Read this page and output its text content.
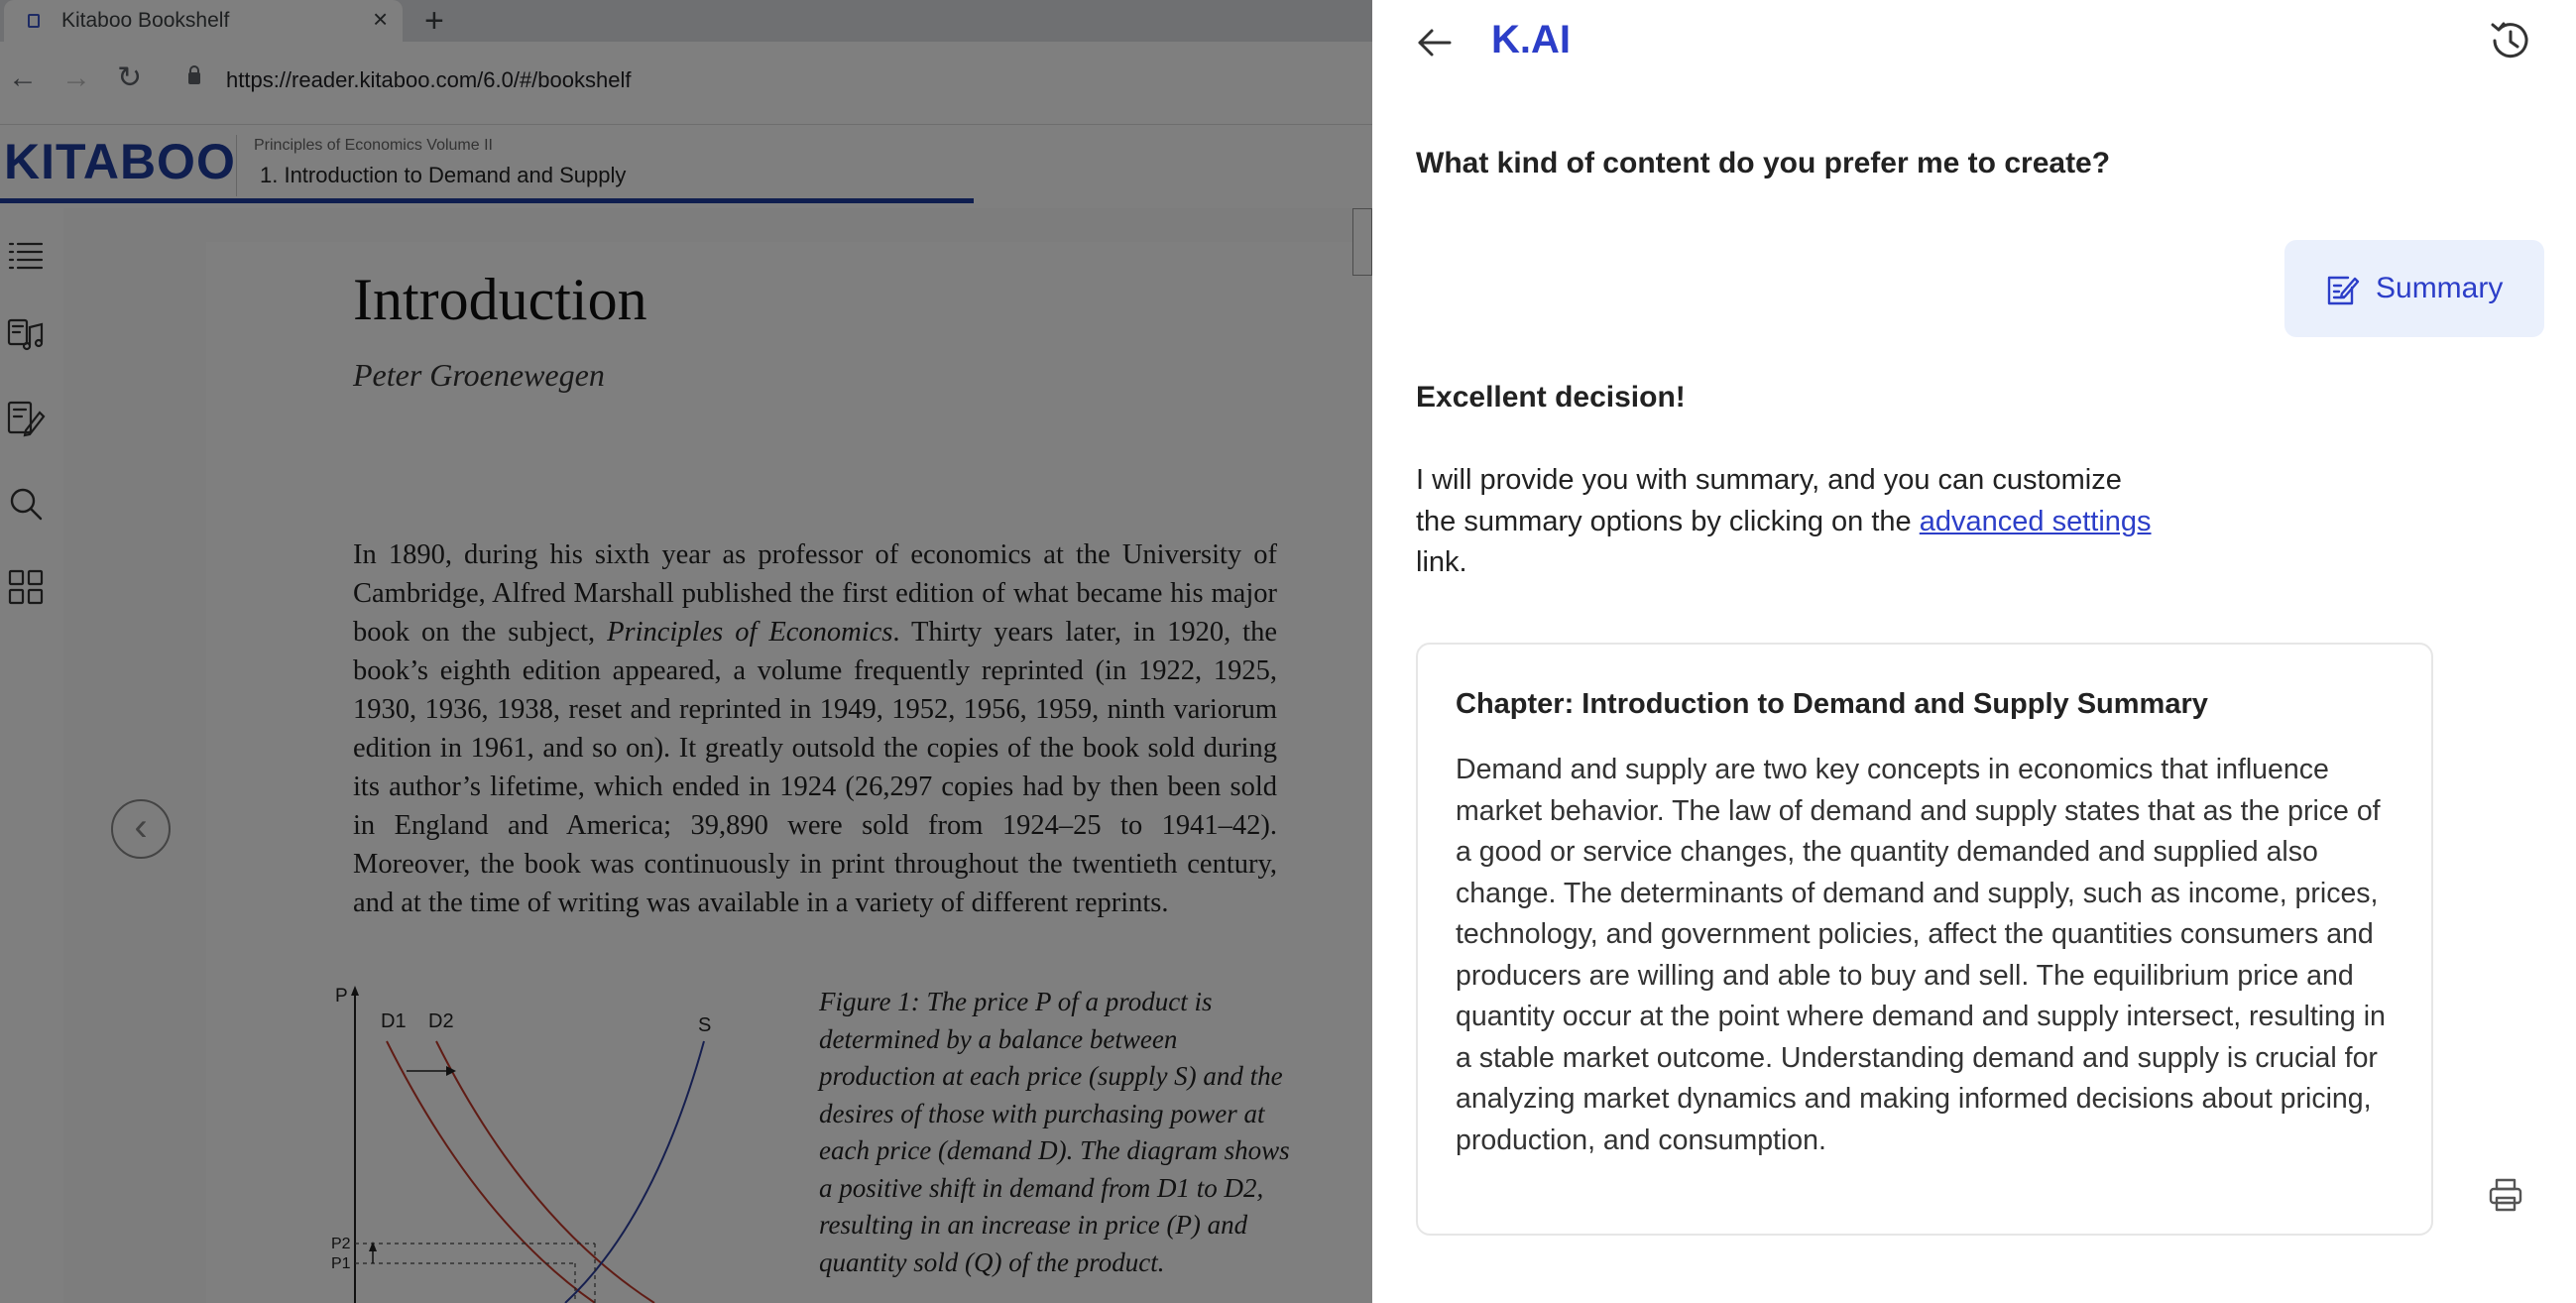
K.AI
What kind of content do you prefer me to create?
Summary
Excellent decision!
I will provide you with summary, and you can customize the summary options by clicking on the advanced settings link.
Chapter: Introduction to Demand and Supply Summary
Demand and supply are two key concepts in economics that influence market behavior. The law of demand and supply states that as the price of a good or service changes, the quantity demanded and supplied also change. The determinants of demand and supply, such as income, prices, technology, and government policies, affect the quantities consumers and producers are willing and able to buy and sell. The equilibrium price and quantity occur at the point where demand and supply intersect, resulting in a stable market outcome. Understanding demand and supply is crucial for analyzing market dynamics and making informed decisions about pricing, production, and consumption.
